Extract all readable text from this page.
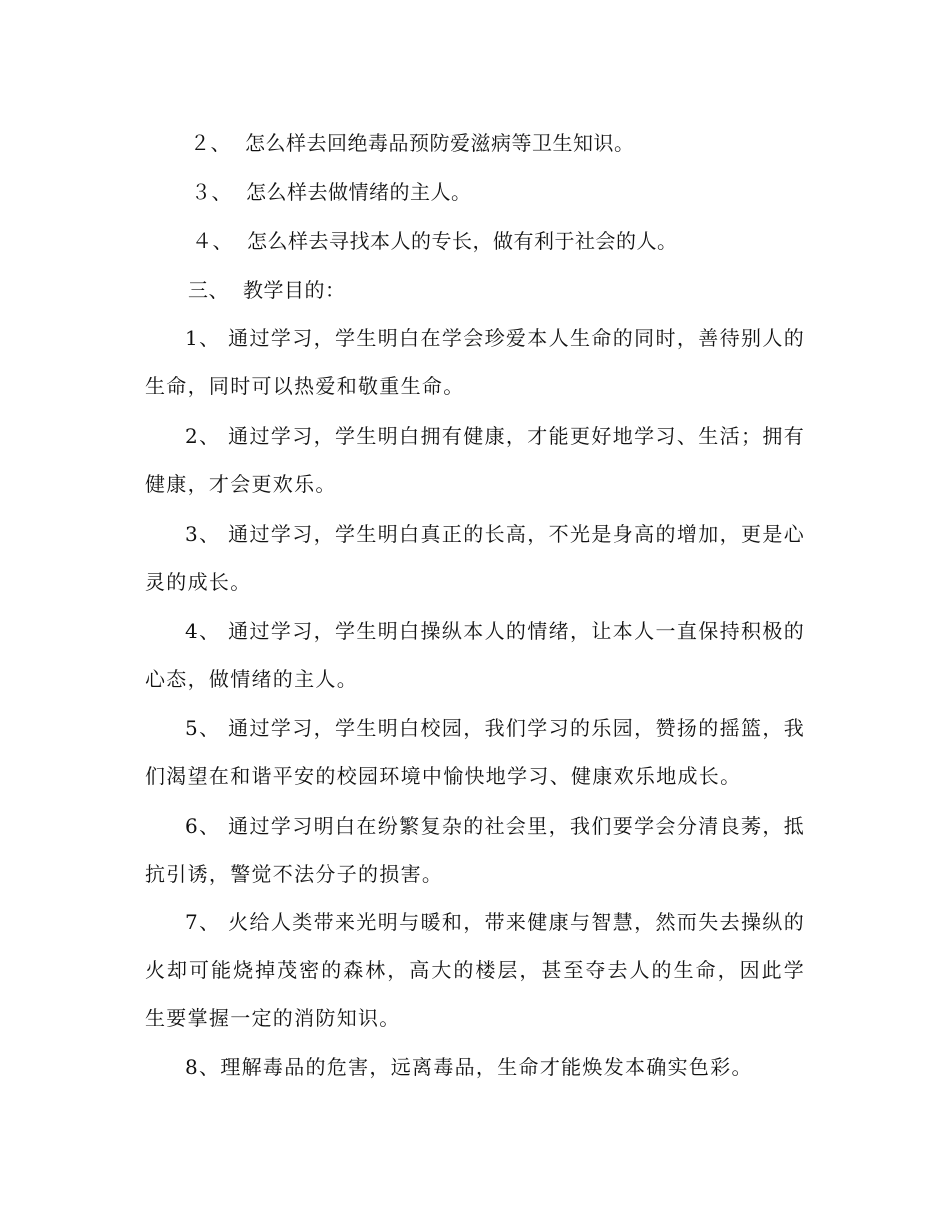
２、 怎么样去回绝毒品预防爱滋病等卫生知识。
３、 怎么样去做情绪的主人。
４、 怎么样去寻找本人的专长，做有利于社会的人。
三、 教学目的：

1、 通过学习，学生明白在学会珍爱本人生命的同时，善待别人的生命，同时可以热爱和敬重生命。

2、 通过学习，学生明白拥有健康，才能更好地学习、生活；拥有健康，才会更欢乐。

3、 通过学习，学生明白真正的长高，不光是身高的增加，更是心灵的成长。

4、 通过学习，学生明白操纵本人的情绪，让本人一直保持积极的心态，做情绪的主人。

5、 通过学习，学生明白校园，我们学习的乐园，赞扬的摇篮，我们渴望在和谐平安的校园环境中愉快地学习、健康欢乐地成长。

6、 通过学习明白在纷繁复杂的社会里，我们要学会分清良莠，抵抗引诱，警觉不法分子的损害。

7、 火给人类带来光明与暖和，带来健康与智慧，然而失去操纵的火却可能烧掉茂密的森林，高大的楼层，甚至夺去人的生命，因此学生要掌握一定的消防知识。

8、理解毒品的危害，远离毒品，生命才能焕发本确实色彩。
